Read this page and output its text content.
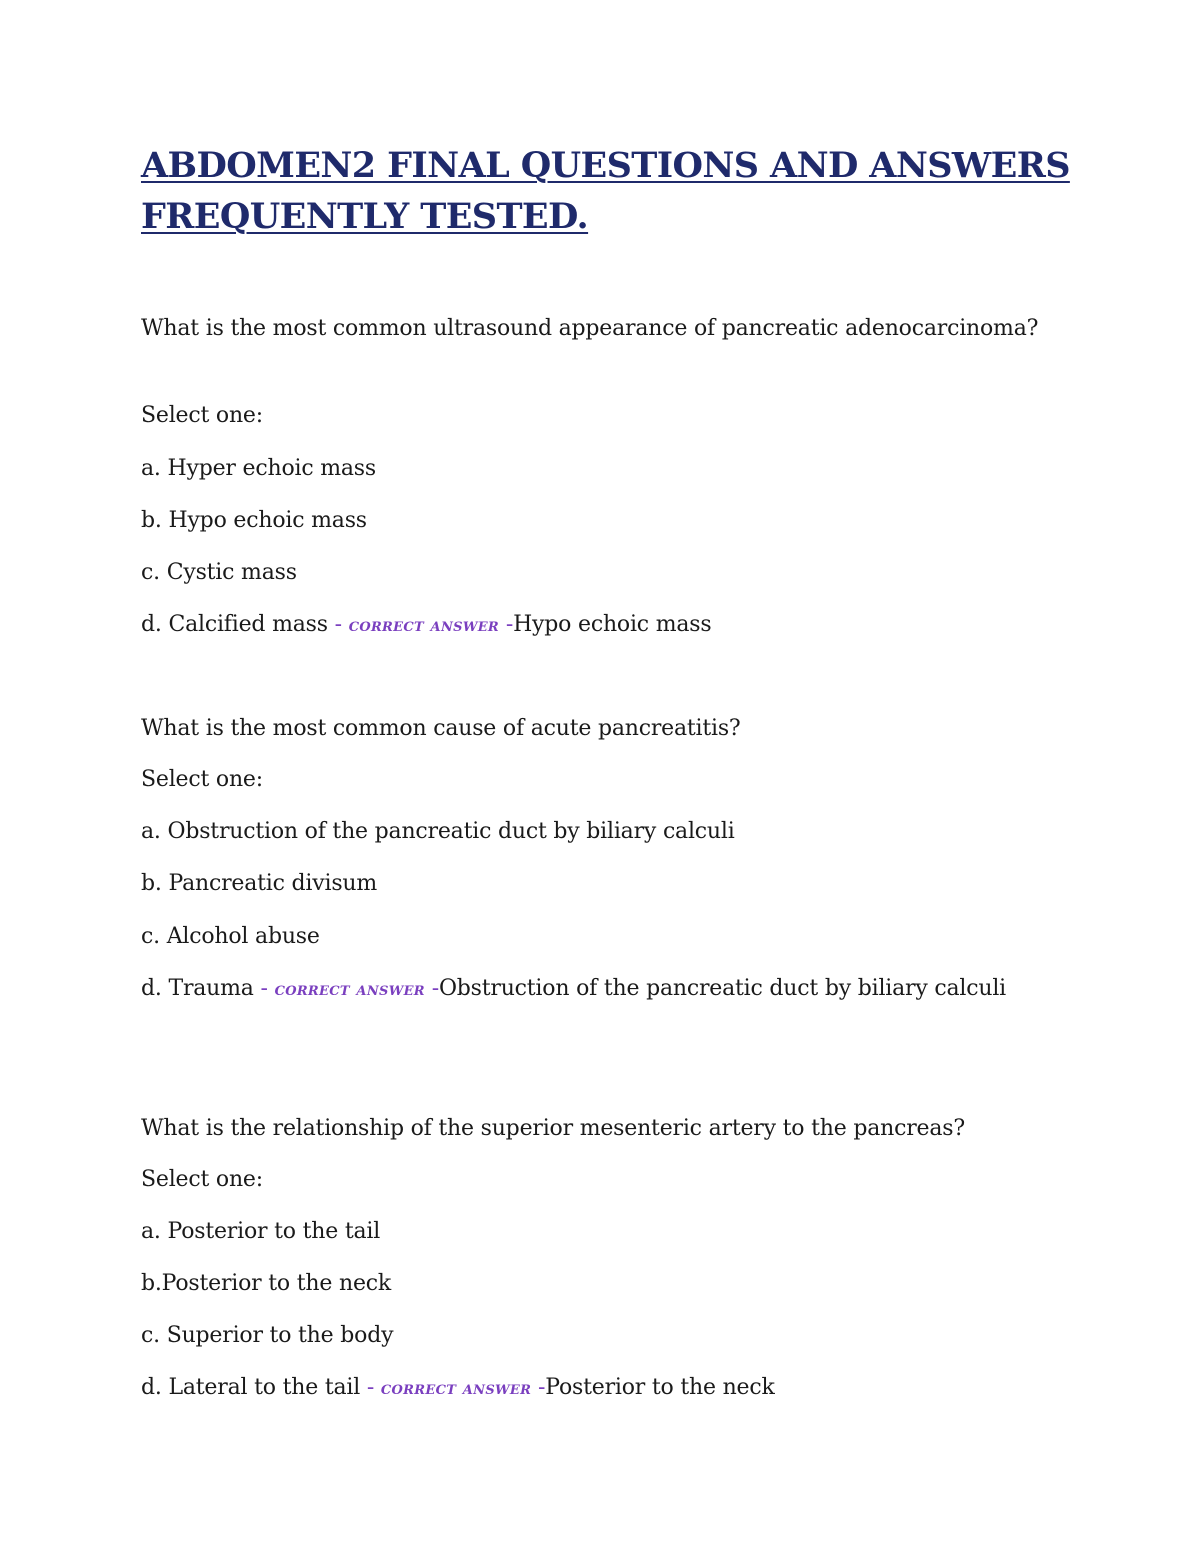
ABDOMEN2 FINAL QUESTIONS AND ANSWERS FREQUENTLY TESTED.

What is the most common ultrasound appearance of pancreatic adenocarcinoma?

Select one:

a. Hyper echoic mass

b. Hypo echoic mass

c. Cystic mass

d. Calcified mass - correct answer -Hypo echoic mass

What is the most common cause of acute pancreatitis?

Select one:

a. Obstruction of the pancreatic duct by biliary calculi

b. Pancreatic divisum

c. Alcohol abuse

d. Trauma - correct answer -Obstruction of the pancreatic duct by biliary calculi

What is the relationship of the superior mesenteric artery to the pancreas?

Select one:

a. Posterior to the tail

b.Posterior to the neck

c. Superior to the body

d. Lateral to the tail - correct answer -Posterior to the neck
